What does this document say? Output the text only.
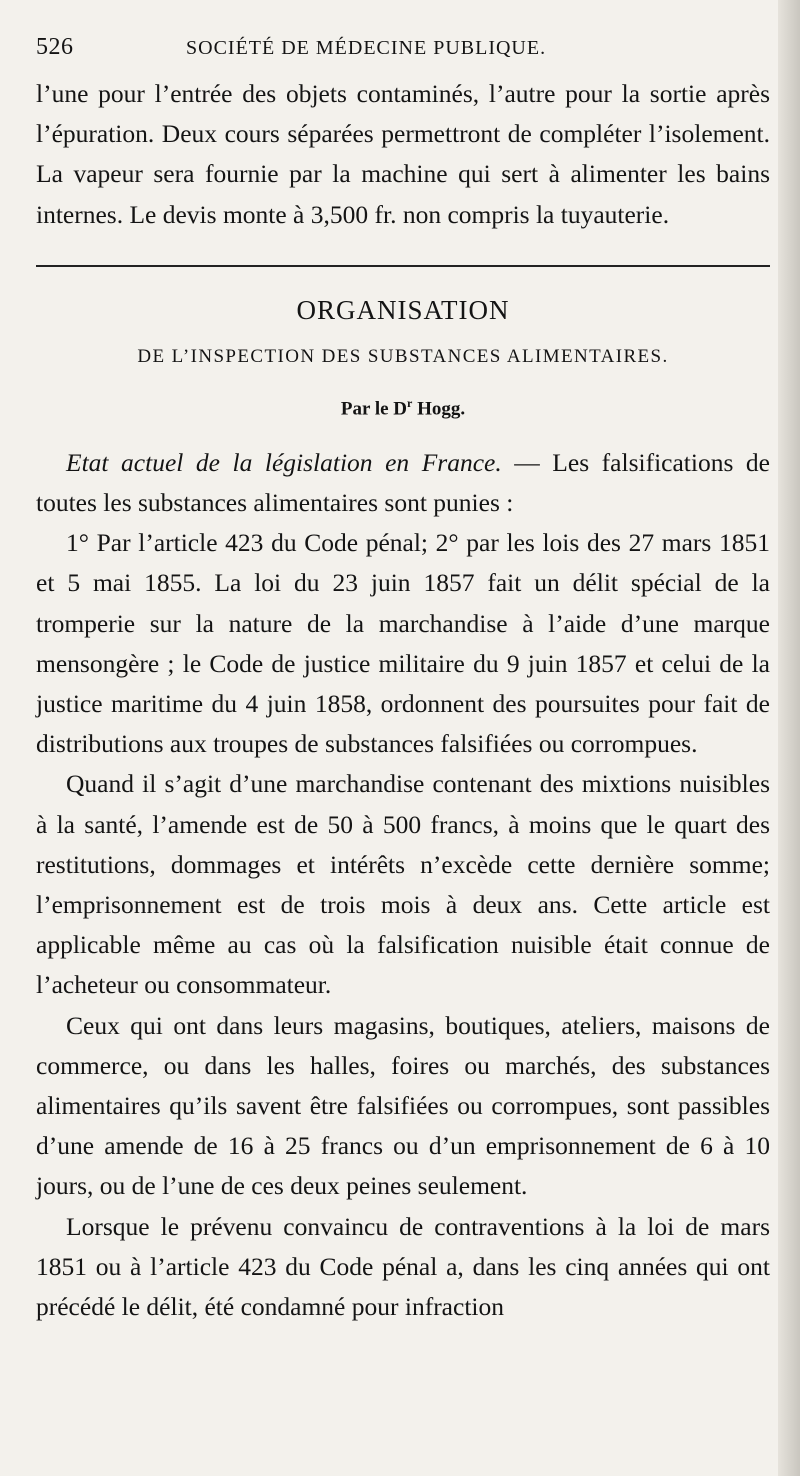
526	SOCIÉTÉ DE MÉDECINE PUBLIQUE.

l’une pour l’entrée des objets contaminés, l’autre pour la sortie après l’épuration. Deux cours séparées permettront de compléter l’isolement. La vapeur sera fournie par la machine qui sert à alimenter les bains internes. Le devis monte à 3,500 fr. non compris la tuyauterie.

ORGANISATION
DE L’INSPECTION DES SUBSTANCES ALIMENTAIRES.
Par le $D^r$ Hogg.

Etat actuel de la législation en France. — Les falsifications de toutes les substances alimentaires sont punies :

1° Par l’article 423 du Code pénal; 2° par les lois des 27 mars 1851 et 5 mai 1855. La loi du 23 juin 1857 fait un délit spécial de la tromperie sur la nature de la marchandise à l’aide d’une marque mensongère ; le Code de justice militaire du 9 juin 1857 et celui de la justice maritime du 4 juin 1858, ordonnent des poursuites pour fait de distributions aux troupes de substances falsifiées ou corrompues.

Quand il s’agit d’une marchandise contenant des mixtions nuisibles à la santé, l’amende est de 50 à 500 francs, à moins que le quart des restitutions, dommages et intérêts n’excède cette dernière somme; l’emprisonnement est de trois mois à deux ans. Cette article est applicable même au cas où la falsification nuisible était connue de l’acheteur ou consommateur.

Ceux qui ont dans leurs magasins, boutiques, ateliers, maisons de commerce, ou dans les halles, foires ou marchés, des substances alimentaires qu’ils savent être falsifiées ou corrompues, sont passibles d’une amende de 16 à 25 francs ou d’un emprisonnement de 6 à 10 jours, ou de l’une de ces deux peines seulement.

Lorsque le prévenu convaincu de contraventions à la loi de mars 1851 ou à l’article 423 du Code pénal a, dans les cinq années qui ont précédé le délit, été condamné pour infraction
